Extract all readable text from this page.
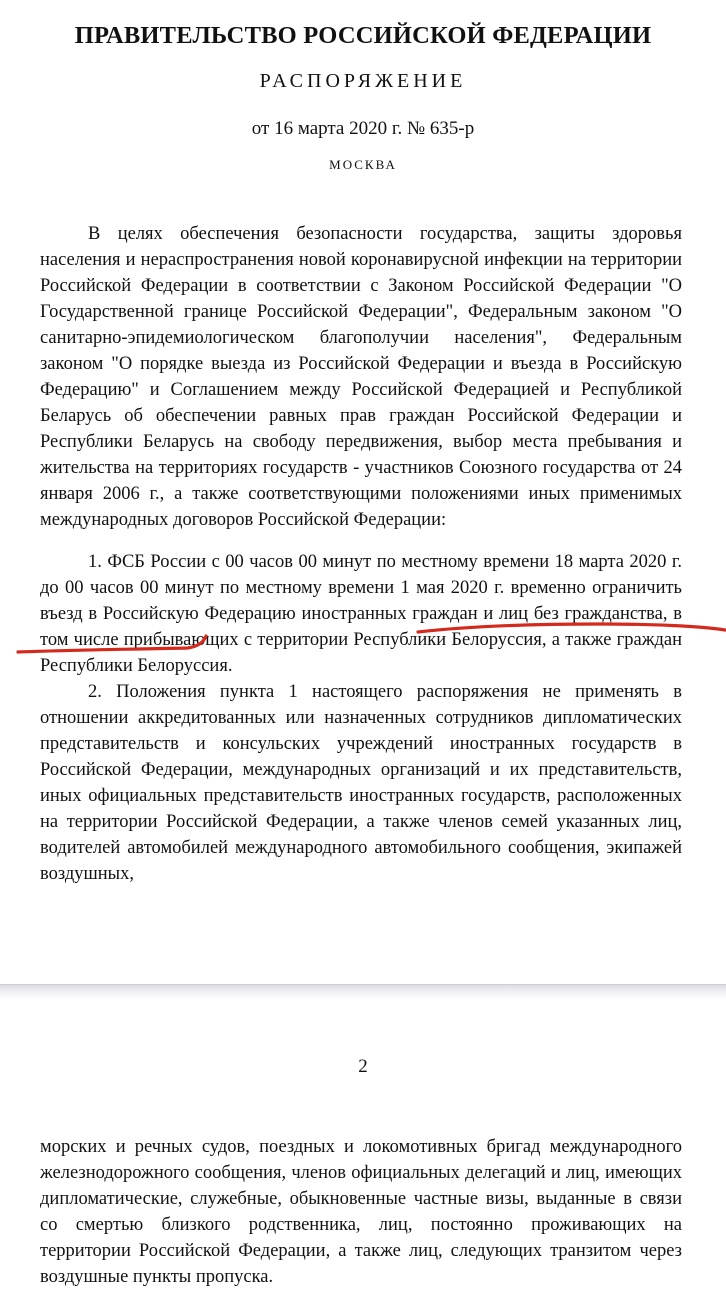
ПРАВИТЕЛЬСТВО РОССИЙСКОЙ ФЕДЕРАЦИИ
РАСПОРЯЖЕНИЕ
от 16 марта 2020 г. № 635-р
МОСКВА
В целях обеспечения безопасности государства, защиты здоровья населения и нераспространения новой коронавирусной инфекции на территории Российской Федерации в соответствии с Законом Российской Федерации "О Государственной границе Российской Федерации", Федеральным законом "О санитарно-эпидемиологическом благополучии населения", Федеральным законом "О порядке выезда из Российской Федерации и въезда в Российскую Федерацию" и Соглашением между Российской Федерацией и Республикой Беларусь об обеспечении равных прав граждан Российской Федерации и Республики Беларусь на свободу передвижения, выбор места пребывания и жительства на территориях государств - участников Союзного государства от 24 января 2006 г., а также соответствующими положениями иных применимых международных договоров Российской Федерации:
1. ФСБ России с 00 часов 00 минут по местному времени 18 марта 2020 г. до 00 часов 00 минут по местному времени 1 мая 2020 г. временно ограничить въезд в Российскую Федерацию иностранных граждан и лиц без гражданства, в том числе прибывающих с территории Республики Белоруссия, а также граждан Республики Белоруссия.
2. Положения пункта 1 настоящего распоряжения не применять в отношении аккредитованных или назначенных сотрудников дипломатических представительств и консульских учреждений иностранных государств в Российской Федерации, международных организаций и их представительств, иных официальных представительств иностранных государств, расположенных на территории Российской Федерации, а также членов семей указанных лиц, водителей автомобилей международного автомобильного сообщения, экипажей воздушных,
2
морских и речных судов, поездных и локомотивных бригад международного железнодорожного сообщения, членов официальных делегаций и лиц, имеющих дипломатические, служебные, обыкновенные частные визы, выданные в связи со смертью близкого родственника, лиц, постоянно проживающих на территории Российской Федерации, а также лиц, следующих транзитом через воздушные пункты пропуска.
